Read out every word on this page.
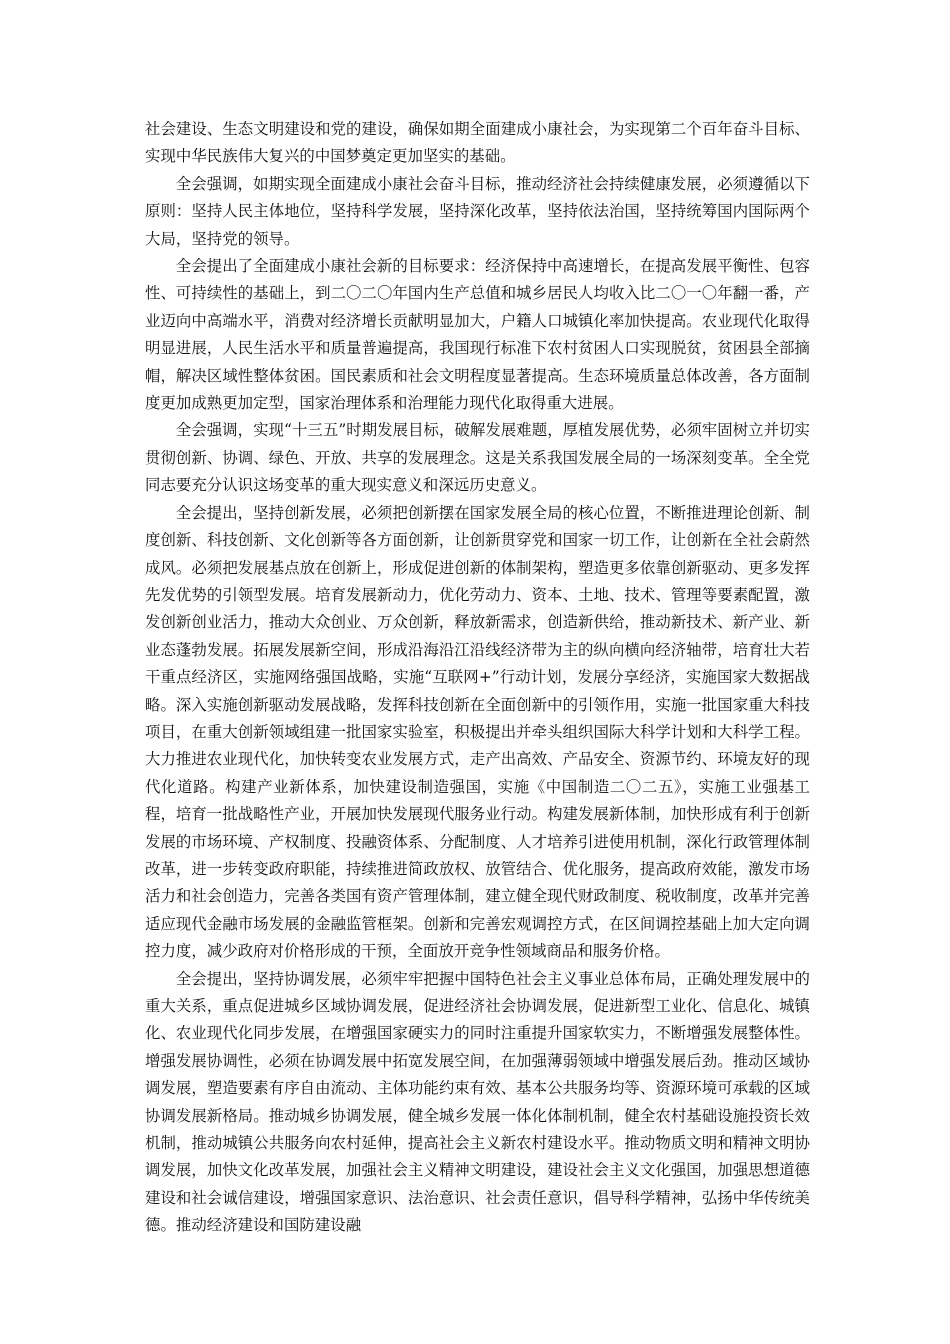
社会建设、生态文明建设和党的建设，确保如期全面建成小康社会，为实现第二个百年奋斗目标、实现中华民族伟大复兴的中国梦奠定更加坚实的基础。

全会强调，如期实现全面建成小康社会奋斗目标，推动经济社会持续健康发展，必须遵循以下原则：坚持人民主体地位，坚持科学发展，坚持深化改革，坚持依法治国，坚持统筹国内国际两个大局，坚持党的领导。

全会提出了全面建成小康社会新的目标要求：经济保持中高速增长，在提高发展平衡性、包容性、可持续性的基础上，到二〇二〇年国内生产总值和城乡居民人均收入比二〇一〇年翻一番，产业迈向中高端水平，消费对经济增长贡献明显加大，户籍人口城镇化率加快提高。农业现代化取得明显进展，人民生活水平和质量普遍提高，我国现行标准下农村贫困人口实现脱贫，贫困县全部摘帽，解决区域性整体贫困。国民素质和社会文明程度显著提高。生态环境质量总体改善，各方面制度更加成熟更加定型，国家治理体系和治理能力现代化取得重大进展。

全会强调，实现“十三五”时期发展目标，破解发展难题，厚植发展优势，必须牢固树立并切实贯彻创新、协调、绿色、开放、共享的发展理念。这是关系我国发展全局的一场深刻变革。全全党同志要充分认识这场变革的重大现实意义和深远历史意义。

全会提出，坚持创新发展，必须把创新摆在国家发展全局的核心位置，不断推进理论创新、制度创新、科技创新、文化创新等各方面创新，让创新贯穿党和国家一切工作，让创新在全社会蔚然成风。必须把发展基点放在创新上，形成促进创新的体制架构，塑造更多依靠创新驱动、更多发挥先发优势的引领型发展。培育发展新动力，优化劳动力、资本、土地、技术、管理等要素配置，激发创新创业活力，推动大众创业、万众创新，释放新需求，创造新供给，推动新技术、新产业、新业态蓬勃发展。拓展发展新空间，形成沿海沿江沿线经济带为主的纵向横向经济轴带，培育壮大若干重点经济区，实施网络强国战略，实施“互联网+”行动计划，发展分享经济，实施国家大数据战略。深入实施创新驱动发展战略，发挥科技创新在全面创新中的引领作用，实施一批国家重大科技项目，在重大创新领域组建一批国家实验室，积极提出并牵头组织国际大科学计划和大科学工程。大力推进农业现代化，加快转变农业发展方式，走产出高效、产品安全、资源节约、环境友好的现代化道路。构建产业新体系，加快建设制造强国，实施《中国制造二〇二五》，实施工业强基工程，培育一批战略性产业，开展加快发展现代服务业行动。构建发展新体制，加快形成有利于创新发展的市场环境、产权制度、投融资体系、分配制度、人才培养引进使用机制，深化行政管理体制改革，进一步转变政府职能，持续推进简政放权、放管结合、优化服务，提高政府效能，激发市场活力和社会创造力，完善各类国有资产管理体制，建立健全现代财政制度、税收制度，改革并完善适应现代金融市场发展的金融监管框架。创新和完善宏观调控方式，在区间调控基础上加大定向调控力度，减少政府对价格形成的干预，全面放开竞争性领域商品和服务价格。

全会提出，坚持协调发展，必须牢牢把握中国特色社会主义事业总体布局，正确处理发展中的重大关系，重点促进城乡区域协调发展，促进经济社会协调发展，促进新型工业化、信息化、城镇化、农业现代化同步发展，在增强国家硬实力的同时注重提升国家软实力，不断增强发展整体性。增强发展协调性，必须在协调发展中拓宽发展空间，在加强薄弱领域中增强发展后劲。推动区域协调发展，塑造要素有序自由流动、主体功能约束有效、基本公共服务均等、资源环境可承载的区域协调发展新格局。推动城乡协调发展，健全城乡发展一体化体制机制，健全农村基础设施投资长效机制，推动城镇公共服务向农村延伸，提高社会主义新农村建设水平。推动物质文明和精神文明协调发展，加快文化改革发展，加强社会主义精神文明建设，建设社会主义文化强国，加强思想道德建设和社会诚信建设，增强国家意识、法治意识、社会责任意识，倡导科学精神，弘扬中华传统美德。推动经济建设和国防建设融
